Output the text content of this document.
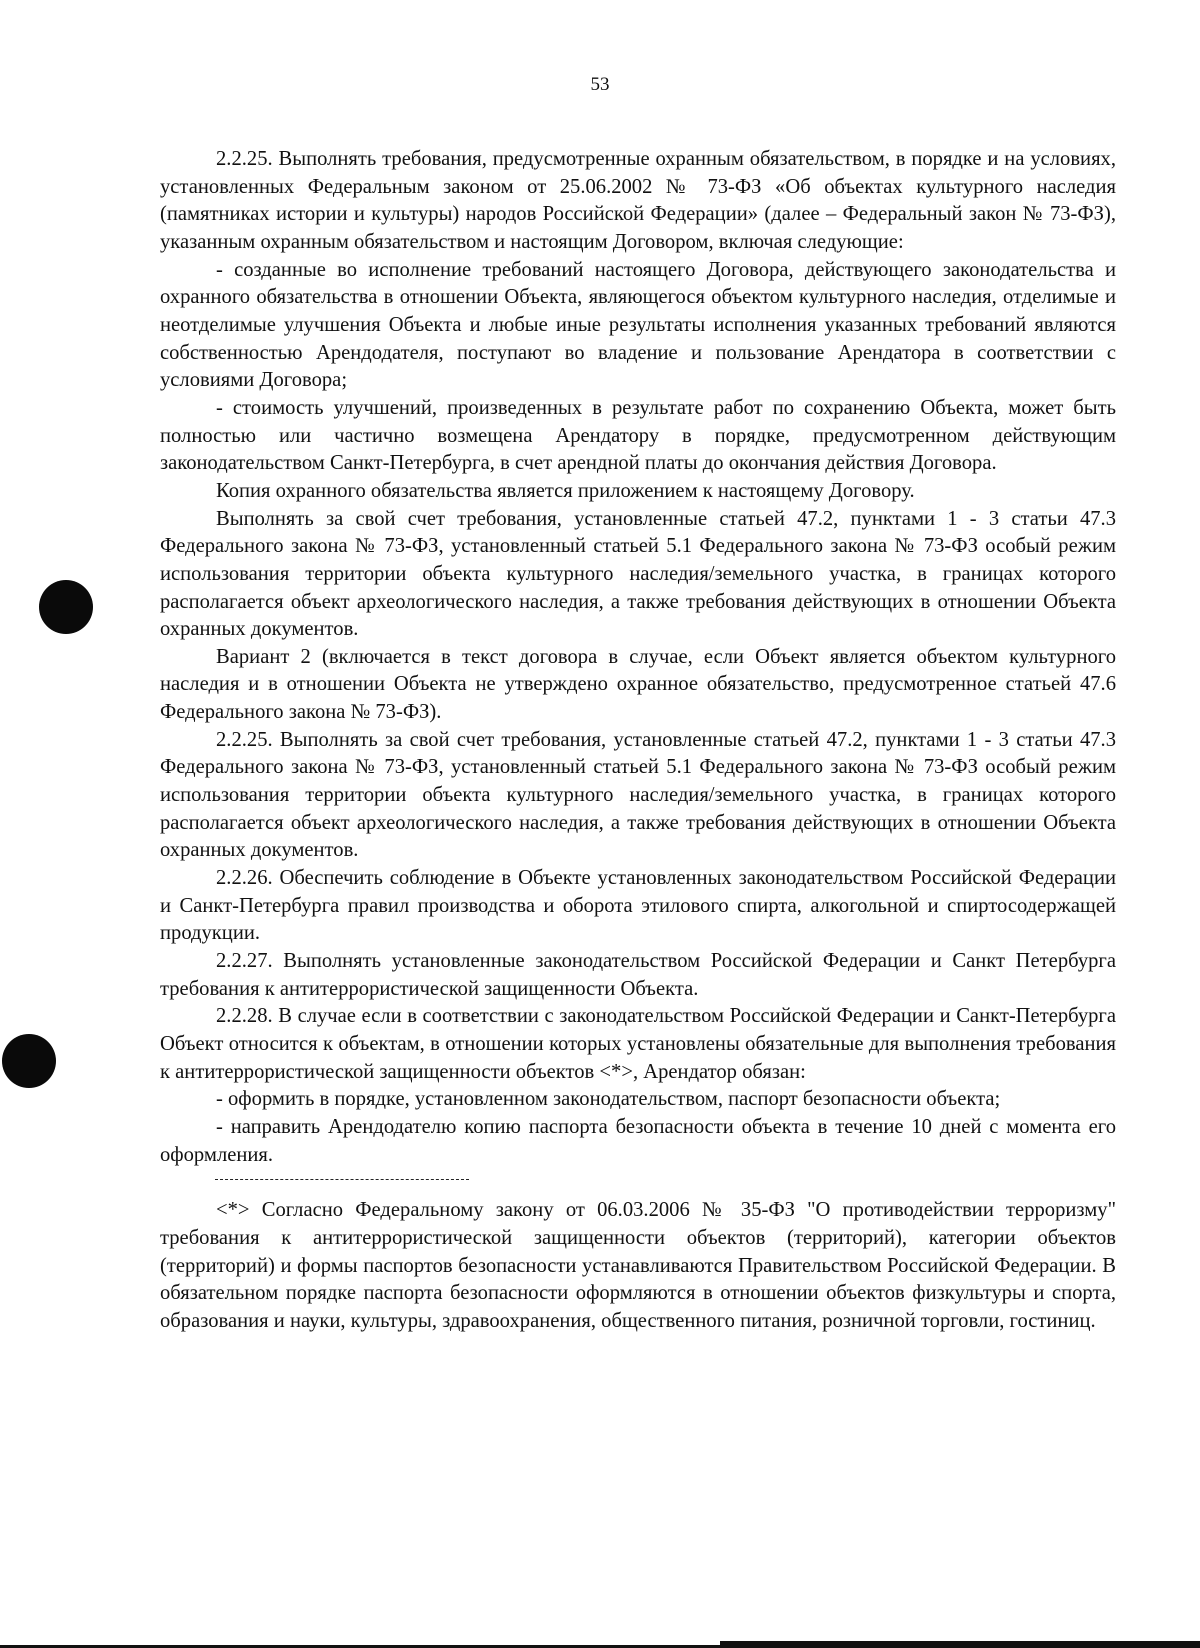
53

2.2.25. Выполнять требования, предусмотренные охранным обязательством, в порядке и на условиях, установленных Федеральным законом от 25.06.2002 № 73-ФЗ «Об объектах культурного наследия (памятниках истории и культуры) народов Российской Федерации» (далее – Федеральный закон № 73-ФЗ), указанным охранным обязательством и настоящим Договором, включая следующие:

- созданные во исполнение требований настоящего Договора, действующего законодательства и охранного обязательства в отношении Объекта, являющегося объектом культурного наследия, отделимые и неотделимые улучшения Объекта и любые иные результаты исполнения указанных требований являются собственностью Арендодателя, поступают во владение и пользование Арендатора в соответствии с условиями Договора;

- стоимость улучшений, произведенных в результате работ по сохранению Объекта, может быть полностью или частично возмещена Арендатору в порядке, предусмотренном действующим законодательством Санкт-Петербурга, в счет арендной платы до окончания действия Договора.

Копия охранного обязательства является приложением к настоящему Договору.

Выполнять за свой счет требования, установленные статьей 47.2, пунктами 1 - 3 статьи 47.3 Федерального закона № 73-ФЗ, установленный статьей 5.1 Федерального закона № 73-ФЗ особый режим использования территории объекта культурного наследия/земельного участка, в границах которого располагается объект археологического наследия, а также требования действующих в отношении Объекта охранных документов.

Вариант 2 (включается в текст договора в случае, если Объект является объектом культурного наследия и в отношении Объекта не утверждено охранное обязательство, предусмотренное статьей 47.6 Федерального закона № 73-ФЗ).

2.2.25. Выполнять за свой счет требования, установленные статьей 47.2, пунктами 1 - 3 статьи 47.3 Федерального закона № 73-ФЗ, установленный статьей 5.1 Федерального закона № 73-ФЗ особый режим использования территории объекта культурного наследия/земельного участка, в границах которого располагается объект археологического наследия, а также требования действующих в отношении Объекта охранных документов.

2.2.26. Обеспечить соблюдение в Объекте установленных законодательством Российской Федерации и Санкт-Петербурга правил производства и оборота этилового спирта, алкогольной и спиртосодержащей продукции.

2.2.27. Выполнять установленные законодательством Российской Федерации и Санкт Петербурга требования к антитеррористической защищенности Объекта.

2.2.28. В случае если в соответствии с законодательством Российской Федерации и Санкт-Петербурга Объект относится к объектам, в отношении которых установлены обязательные для выполнения требования к антитеррористической защищенности объектов <*>, Арендатор обязан:

- оформить в порядке, установленном законодательством, паспорт безопасности объекта;

- направить Арендодателю копию паспорта безопасности объекта в течение 10 дней с момента его оформления.

<*> Согласно Федеральному закону от 06.03.2006 № 35-ФЗ "О противодействии терроризму" требования к антитеррористической защищенности объектов (территорий), категории объектов (территорий) и формы паспортов безопасности устанавливаются Правительством Российской Федерации. В обязательном порядке паспорта безопасности оформляются в отношении объектов физкультуры и спорта, образования и науки, культуры, здравоохранения, общественного питания, розничной торговли, гостиниц.
